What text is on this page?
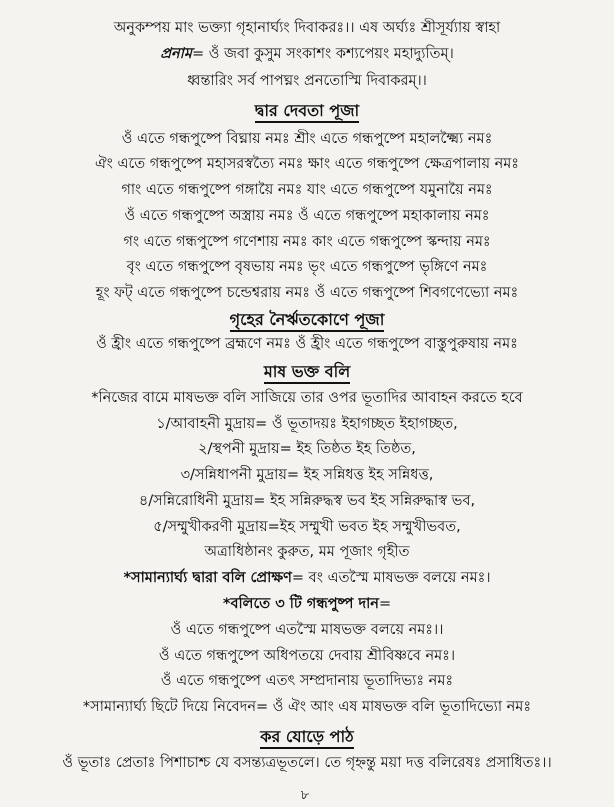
অনুকম্পয় মাং ভক্ত্যা গৃহানার্ঘ্যং দিবাকরঃ।। এষ অর্ঘ্যঃ শ্রীসূর্য্যায় স্বাহা
প্রনাম= ওঁ জবা কুসুম সংকাশং কশ্যপেয়ং মহাদ্যুতিম্।
ধ্বন্তারিং সর্ব পাপঘ্নং প্রনতোস্মি দিবাকরম্।।
দ্বার দেবতা পূজা
ওঁ এতে গন্ধপুষ্পে বিঘ্নায় নমঃ শ্রীং এতে গন্ধপুষ্পে মহালক্ষ্ম্যৈ নমঃ
ঐং এতে গন্ধপুষ্পে মহাসরস্বত্যৈ নমঃ ক্ষাং এতে গন্ধপুষ্পে ক্ষেত্রপালায় নমঃ
গাং এতে গন্ধপুষ্পে গঙ্গায়ৈ নমঃ যাং এতে গন্ধপুষ্পে যমুনায়ৈ নমঃ
ওঁ এতে গন্ধপুষ্পে অস্ত্রায় নমঃ ওঁ এতে গন্ধপুষ্পে মহাকালায় নমঃ
গং এতে গন্ধপুষ্পে গণেশায় নমঃ কাং এতে গন্ধপুষ্পে স্কন্দায় নমঃ
বৃং এতে গন্ধপুষ্পে বৃষভায় নমঃ ভৃং এতে গন্ধপুষ্পে ভৃঙ্গিণে নমঃ
হূং ফট্ এতে গন্ধপুষ্পে চন্ডেশ্বরায় নমঃ ওঁ এতে গন্ধপুষ্পে শিবগণেভ্যো নমঃ
গৃহের নৈর্ঋতকোণে পূজা
ওঁ হ্রীং এতে গন্ধপুষ্পে ব্রহ্মণে নমঃ ওঁ হ্রীং এতে গন্ধপুষ্পে বাস্তুপুরুষায় নমঃ
মাষ ভক্ত বলি
*নিজের বামে মাষভক্ত বলি সাজিয়ে তার ওপর ভূতাদির আবাহন করতে হবে
১/আবাহনী মুদ্রায়= ওঁ ভূতাদয়ঃ ইহাগচ্ছত ইহাগচ্ছত,
২/স্থপনী মুদ্রায়= ইহ তিষ্ঠত ইহ তিষ্ঠত,
৩/সন্নিধাপনী মুদ্রায়= ইহ সন্নিধত্ত ইহ সন্নিধত্ত,
৪/সন্নিরোধিনী মুদ্রায়= ইহ সন্নিরুদ্ধস্ব ভব ইহ সন্নিরুদ্ধাস্ব ভব,
৫/সম্মুখীকরণী মুদ্রায়=ইহ সম্মুখী ভবত ইহ সম্মুখীভবত,
অত্রাধিষ্ঠানং কুরুত, মম পূজাং গৃহীত
*সামান্যার্ঘ্য দ্বারা বলি প্রোক্ষণ= বং এতস্মৈ মাষভক্ত বলয়ে নমঃ।
*বলিতে ৩ টি গন্ধপুষ্প দান=
ওঁ এতে গন্ধপুষ্পে এতস্মৈ মাষভক্ত বলয়ে নমঃ।।
ওঁ এতে গন্ধপুষ্পে অধিপতয়ে দেবায় শ্রীবিষ্ণবে নমঃ।
ওঁ এতে গন্ধপুষ্পে এতৎ সম্প্রদানায় ভূতাদিভ্যঃ নমঃ
*সামান্যার্ঘ্য ছিটে দিয়ে নিবেদন= ওঁ ঐং আং এষ মাষভক্ত বলি ভূতাদিভ্যো নমঃ
কর যোড়ে পাঠ
ওঁ ভূতাঃ প্রেতাঃ পিশাচাশ্চ যে বসন্ত্যত্রভূতলে। তে গৃহ্নন্তু ময়া দত্ত বলিরেষঃ প্রসাধিতঃ।।
৮
